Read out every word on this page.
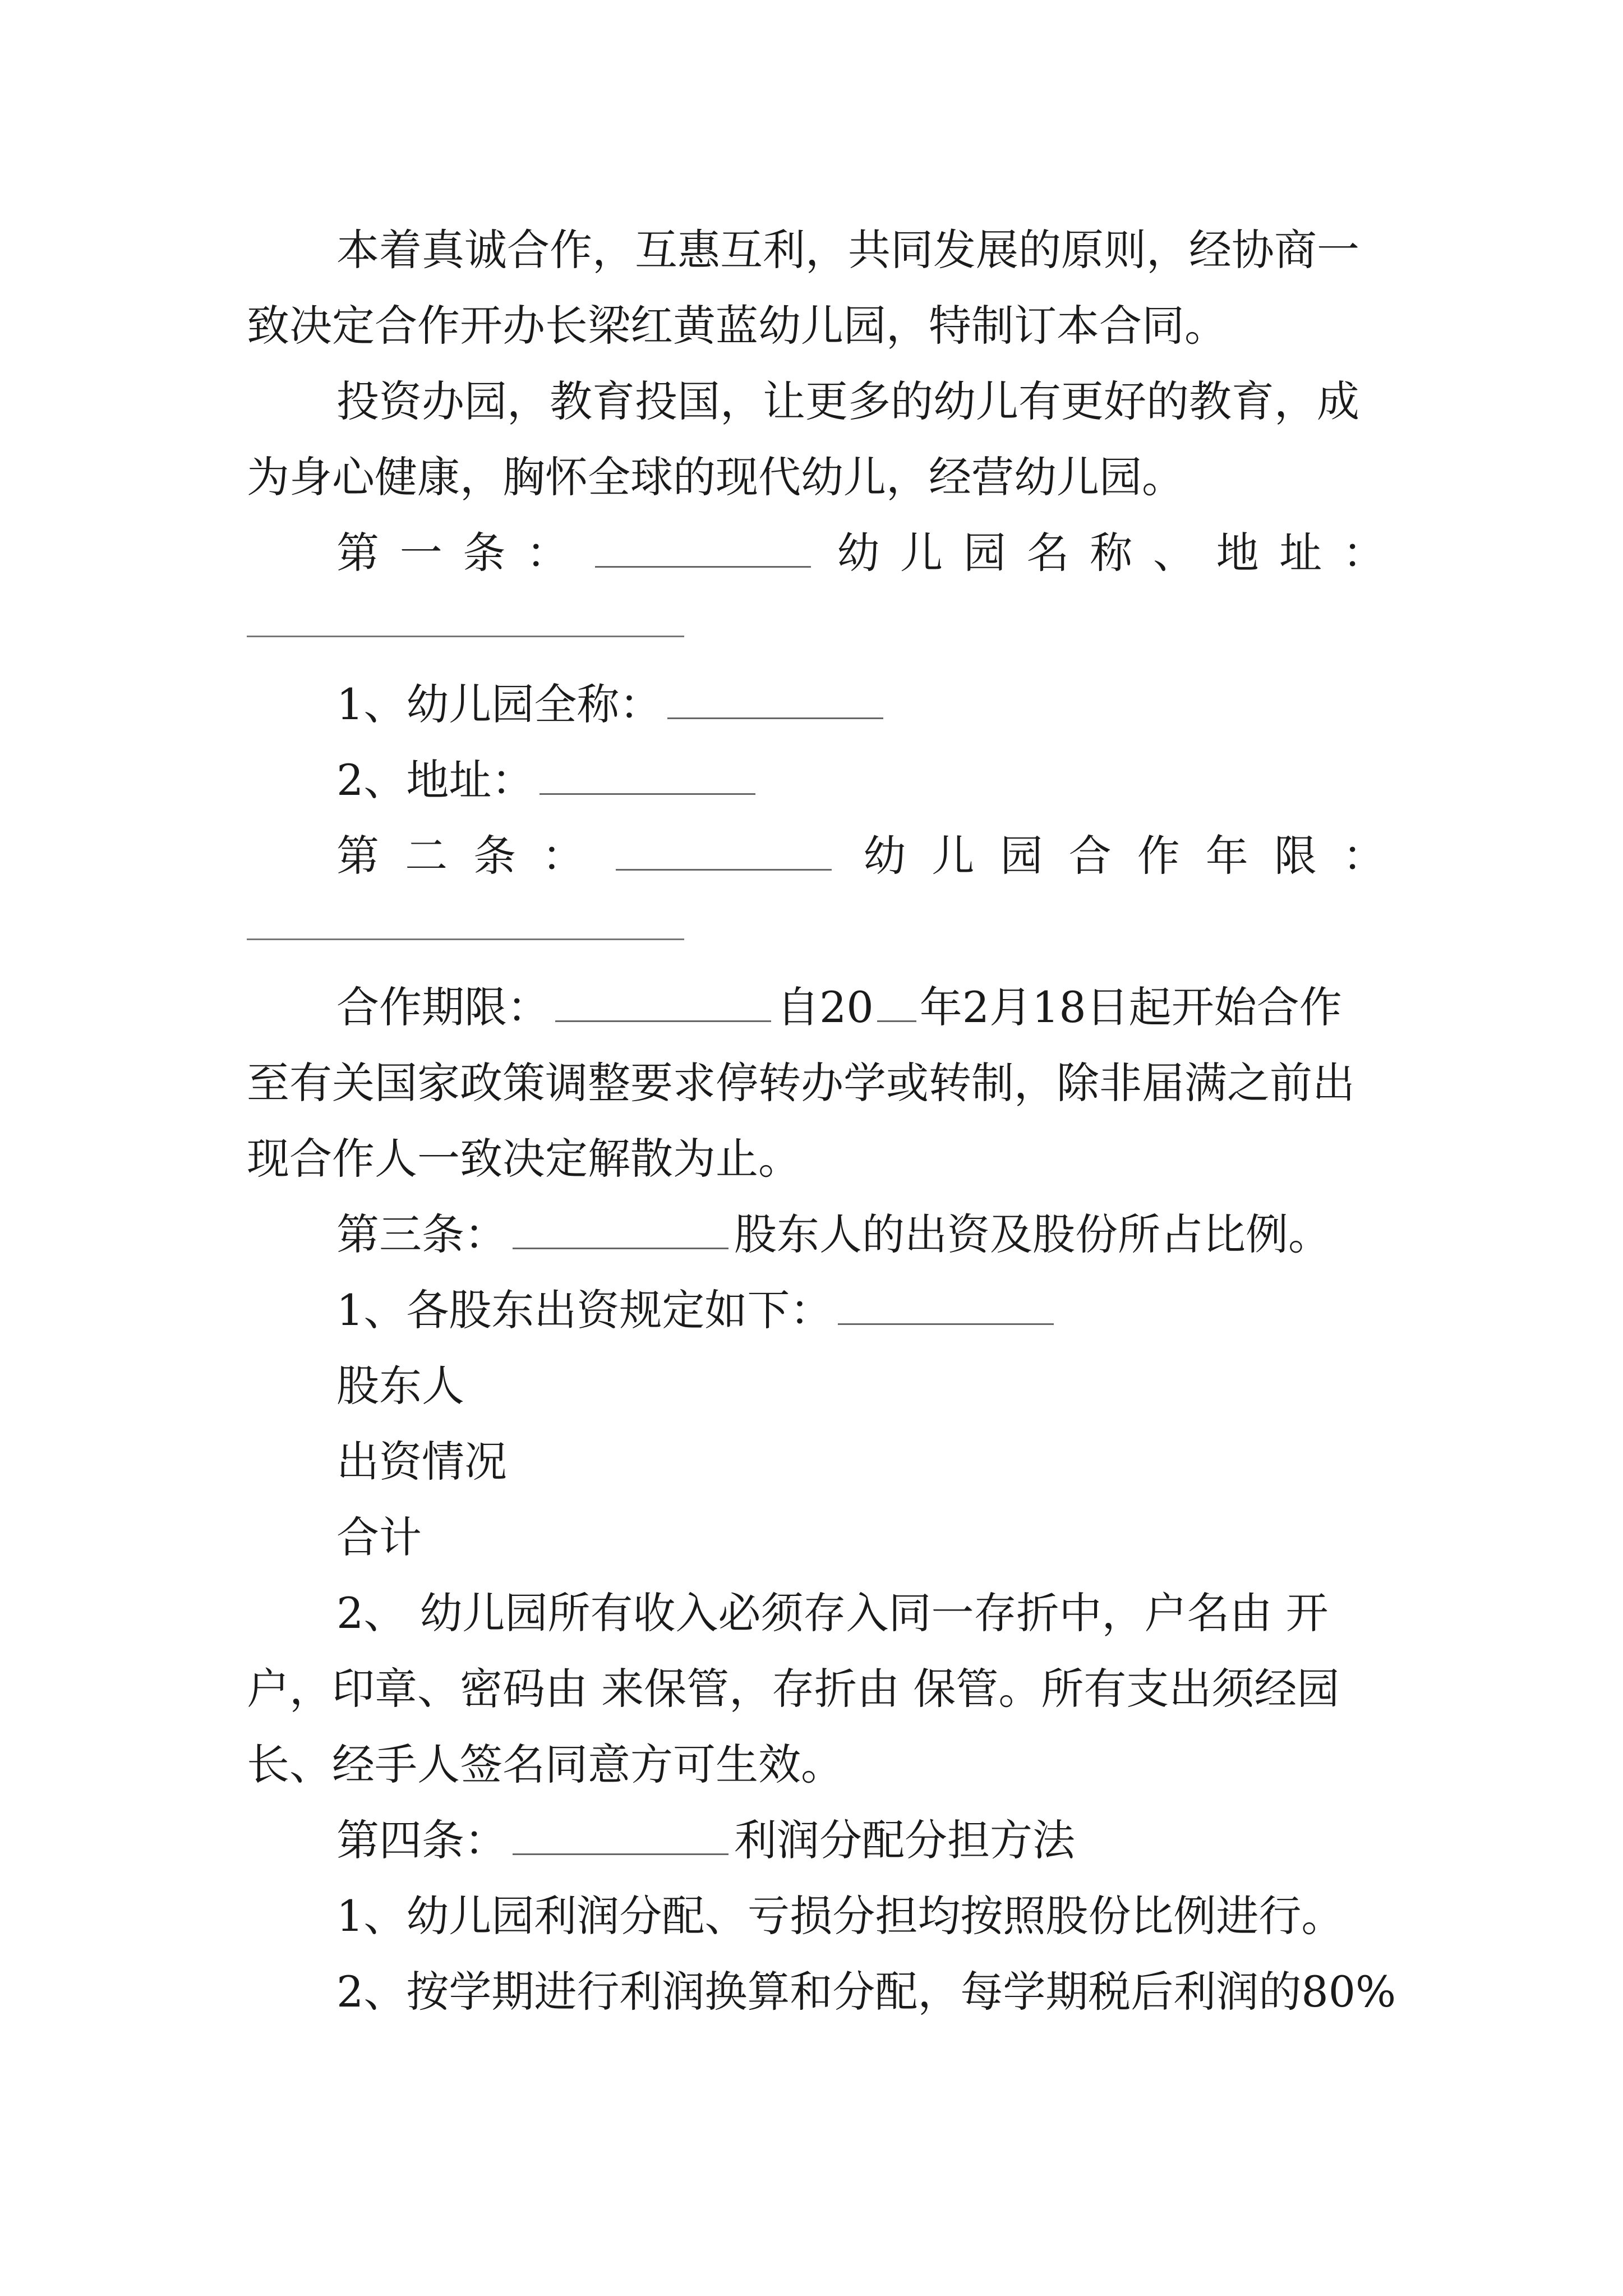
本着真诚合作，互惠互利，共同发展的原则，经协商一
致决定合作开办长梁红黄蓝幼儿园，特制订本合同。
投资办园，教育投国，让更多的幼儿有更好的教育，成
为身心健康，胸怀全球的现代幼儿，经营幼儿园。
第 一 条 ：	幼 儿 园 名 称 、 地 址 ：
1、幼儿园全称：
2、地址：
第 二 条 ：	幼 儿 园 合 作 年 限 ：
合作期限：	自20 年2月18日起开始合作
至有关国家政策调整要求停转办学或转制，除非届满之前出
现合作人一致决定解散为止。
第三条：	股东人的出资及股份所占比例。
1、各股东出资规定如下：
股东人
出资情况
合计
2、 幼儿园所有收入必须存入同一存折中，户名由 开
户，印章、密码由 来保管，存折由 保管。所有支出须经园
长、经手人签名同意方可生效。
第四条：	利润分配分担方法
1、幼儿园利润分配、亏损分担均按照股份比例进行。
2、按学期进行利润换算和分配，每学期税后利润的80%
